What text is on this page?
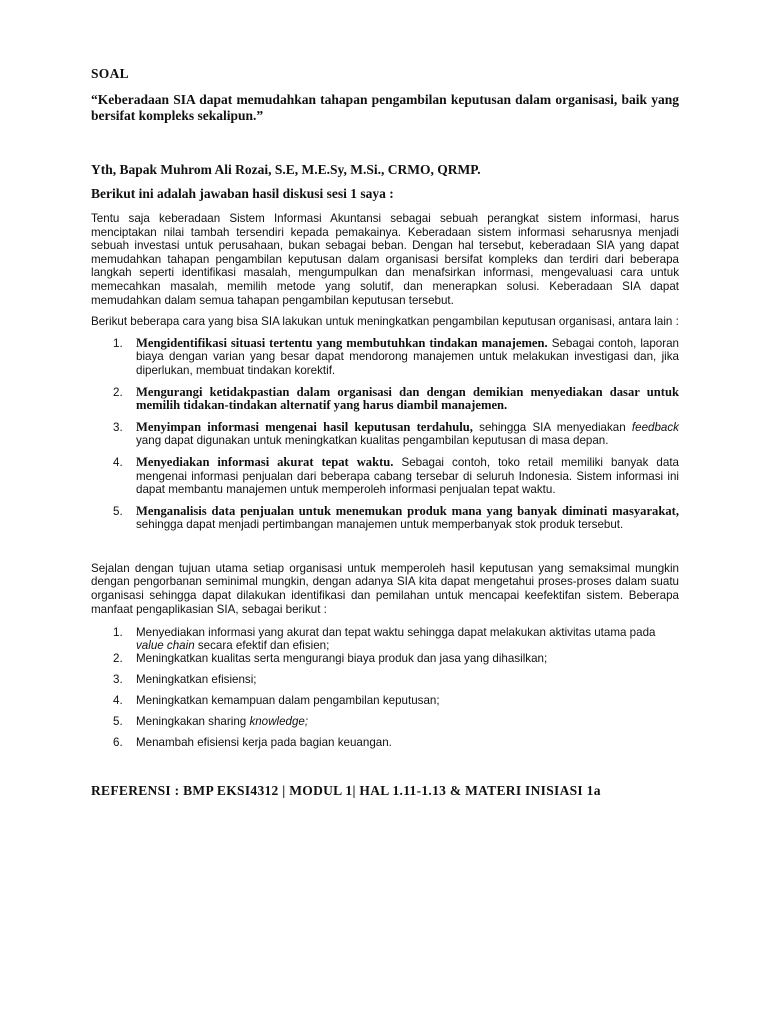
SOAL
“Keberadaan SIA dapat memudahkan tahapan pengambilan keputusan dalam organisasi, baik yang bersifat kompleks sekalipun.”
Yth, Bapak Muhrom Ali Rozai, S.E, M.E.Sy, M.Si., CRMO, QRMP.
Berikut ini adalah jawaban hasil diskusi sesi 1 saya :

Tentu saja keberadaan Sistem Informasi Akuntansi sebagai sebuah perangkat sistem informasi, harus menciptakan nilai tambah tersendiri kepada pemakainya. Keberadaan sistem informasi seharusnya menjadi sebuah investasi untuk perusahaan, bukan sebagai beban. Dengan hal tersebut, keberadaan SIA yang dapat memudahkan tahapan pengambilan keputusan dalam organisasi bersifat kompleks dan terdiri dari beberapa langkah seperti identifikasi masalah, mengumpulkan dan menafsirkan informasi, mengevaluasi cara untuk memecahkan masalah, memilih metode yang solutif, dan menerapkan solusi. Keberadaan SIA dapat memudahkan dalam semua tahapan pengambilan keputusan tersebut.

Berikut beberapa cara yang bisa SIA lakukan untuk meningkatkan pengambilan keputusan organisasi, antara lain :

1. Mengidentifikasi situasi tertentu yang membutuhkan tindakan manajemen. Sebagai contoh, laporan biaya dengan varian yang besar dapat mendorong manajemen untuk melakukan investigasi dan, jika diperlukan, membuat tindakan korektif.
2. Mengurangi ketidakpastian dalam organisasi dan dengan demikian menyediakan dasar untuk memilih tidakan-tindakan alternatif yang harus diambil manajemen.
3. Menyimpan informasi mengenai hasil keputusan terdahulu, sehingga SIA menyediakan feedback yang dapat digunakan untuk meningkatkan kualitas pengambilan keputusan di masa depan.
4. Menyediakan informasi akurat tepat waktu. Sebagai contoh, toko retail memiliki banyak data mengenai informasi penjualan dari beberapa cabang tersebar di seluruh Indonesia. Sistem informasi ini dapat membantu manajemen untuk memperoleh informasi penjualan tepat waktu.
5. Menganalisis data penjualan untuk menemukan produk mana yang banyak diminati masyarakat, sehingga dapat menjadi pertimbangan manajemen untuk memperbanyak stok produk tersebut.

Sejalan dengan tujuan utama setiap organisasi untuk memperoleh hasil keputusan yang semaksimal mungkin dengan pengorbanan seminimal mungkin, dengan adanya SIA kita dapat mengetahui proses-proses dalam suatu organisasi sehingga dapat dilakukan identifikasi dan pemilahan untuk mencapai keefektifan sistem. Beberapa manfaat pengaplikasian SIA, sebagai berikut :

1. Menyediakan informasi yang akurat dan tepat waktu sehingga dapat melakukan aktivitas utama pada value chain secara efektif dan efisien;
2. Meningkatkan kualitas serta mengurangi biaya produk dan jasa yang dihasilkan;
3. Meningkatkan efisiensi;
4. Meningkatkan kemampuan dalam pengambilan keputusan;
5. Meningkakan sharing knowledge;
6. Menambah efisiensi kerja pada bagian keuangan.
REFERENSI : BMP EKSI4312 | MODUL 1| HAL 1.11-1.13 & MATERI INISIASI 1a
